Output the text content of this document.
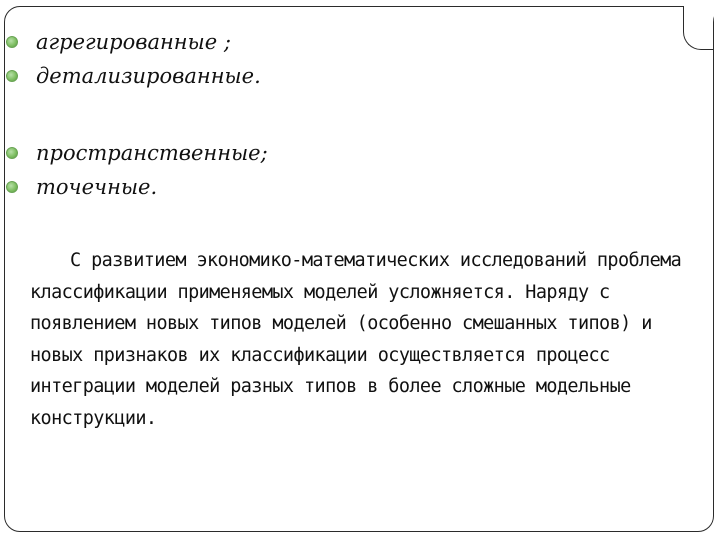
агрегированные ;
детализированные.
пространственные;
точечные.

С развитием экономико-математических исследований проблема классификации применяемых моделей усложняется. Наряду с появлением новых типов моделей (особенно смешанных типов) и новых признаков их классификации осуществляется процесс интеграции моделей разных типов в более сложные модельные конструкции.
